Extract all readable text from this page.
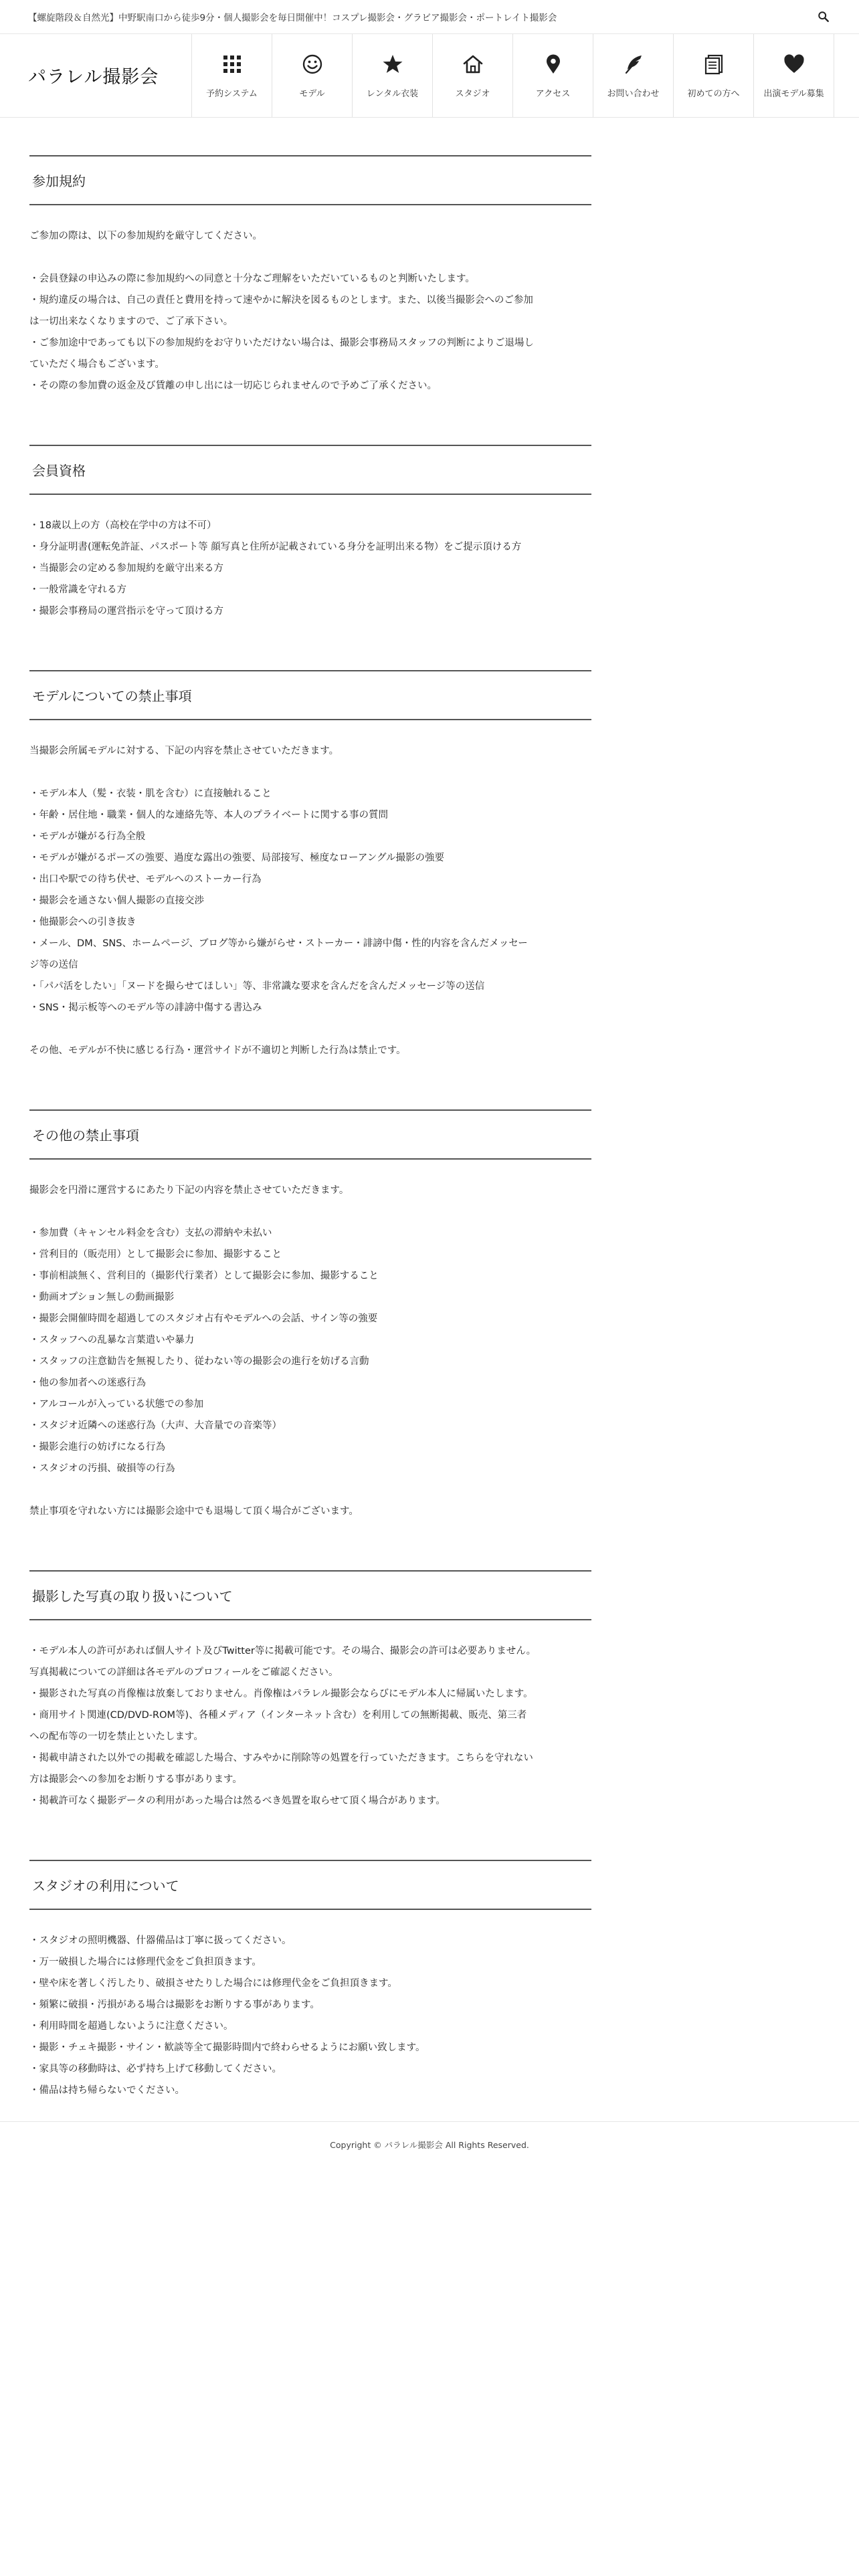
【螺旋階段＆自然光】中野駅南口から徒歩9分・個人撮影会を毎日開催中！コスプレ撮影会・グラビア撮影会・ポートレイト撮影会
パラレル撮影会
予約システム	モデル	レンタル衣装	スタジオ	アクセス	お問い合わせ	初めての方へ	出演モデル募集
参加規約

ご参加の際は、以下の参加規約を厳守してください。

・会員登録の申込みの際に参加規約への同意と十分なご理解をいただいているものと判断いたします。

・規約違反の場合は、自己の責任と費用を持って速やかに解決を図るものとします。また、以後当撮影会へのご参加

は一切出来なくなりますので、ご了承下さい。

・ご参加途中であっても以下の参加規約をお守りいただけない場合は、撮影会事務局スタッフの判断によりご退場し

ていただく場合もございます。

・その際の参加費の返金及び賃離の申し出には一切応じられませんので予めご了承ください。

会員資格

・18歳以上の方（高校在学中の方は不可）

・身分証明書(運転免許証、パスポート等 顔写真と住所が記載されている身分を証明出来る物）をご提示頂ける方

・当撮影会の定める参加規約を厳守出来る方

・一般常識を守れる方

・撮影会事務局の運営指示を守って頂ける方

モデルについての禁止事項

当撮影会所属モデルに対する、下記の内容を禁止させていただきます。

・モデル本人（髪・衣装・肌を含む）に直接触れること

・年齢・居住地・職業・個人的な連絡先等、本人のプライベートに関する事の質問

・モデルが嫌がる行為全般

・モデルが嫌がるポーズの強要、過度な露出の強要、局部接写、極度なローアングル撮影の強要

・出口や駅での待ち伏せ、モデルへのストーカー行為

・撮影会を通さない個人撮影の直接交渉

・他撮影会への引き抜き

・メール、DM、SNS、ホームページ、ブログ等から嫌がらせ・ストーカー・誹謗中傷・性的内容を含んだメッセー

ジ等の送信

・「パパ活をしたい」「ヌードを撮らせてほしい」等、非常識な要求を含んだを含んだメッセージ等の送信

・SNS・掲示板等へのモデル等の誹謗中傷する書込み

その他、モデルが不快に感じる行為・運営サイドが不適切と判断した行為は禁止です。

その他の禁止事項

撮影会を円滑に運営するにあたり下記の内容を禁止させていただきます。

・参加費（キャンセル料金を含む）支払の滞納や未払い

・営利目的（販売用）として撮影会に参加、撮影すること

・事前相談無く、営利目的（撮影代行業者）として撮影会に参加、撮影すること

・動画オプション無しの動画撮影

・撮影会開催時間を超過してのスタジオ占有やモデルへの会話、サイン等の強要

・スタッフへの乱暴な言葉遣いや暴力

・スタッフの注意勧告を無視したり、従わない等の撮影会の進行を妨げる言動

・他の参加者への迷惑行為

・アルコールが入っている状態での参加

・スタジオ近隣への迷惑行為（大声、大音量での音楽等）

・撮影会進行の妨げになる行為

・スタジオの汚損、破損等の行為

禁止事項を守れない方には撮影会途中でも退場して頂く場合がございます。

撮影した写真の取り扱いについて

・モデル本人の許可があれば個人サイト及びTwitter等に掲載可能です。その場合、撮影会の許可は必要ありません。

写真掲載についての詳細は各モデルのプロフィールをご確認ください。

・撮影された写真の肖像権は放棄しておりません。肖像権はパラレル撮影会ならびにモデル本人に帰属いたします。

・商用サイト関連(CD/DVD-ROM等)、各種メディア（インターネット含む）を利用しての無断掲載、販売、第三者

への配布等の一切を禁止といたします。

・掲載申請された以外での掲載を確認した場合、すみやかに削除等の処置を行っていただきます。こちらを守れない

方は撮影会への参加をお断りする事があります。

・掲載許可なく撮影データの利用があった場合は然るべき処置を取らせて頂く場合があります。

スタジオの利用について

・スタジオの照明機器、什器備品は丁寧に扱ってください。

・万一破損した場合には修理代金をご負担頂きます。

・壁や床を著しく汚したり、破損させたりした場合には修理代金をご負担頂きます。

・頻繁に破損・汚損がある場合は撮影をお断りする事があります。

・利用時間を超過しないように注意ください。

・撮影・チェキ撮影・サイン・歓談等全て撮影時間内で終わらせるようにお願い致します。

・家具等の移動時は、必ず持ち上げて移動してください。

・備品は持ち帰らないでください。

Copyright © パラレル撮影会 All Rights Reserved.
